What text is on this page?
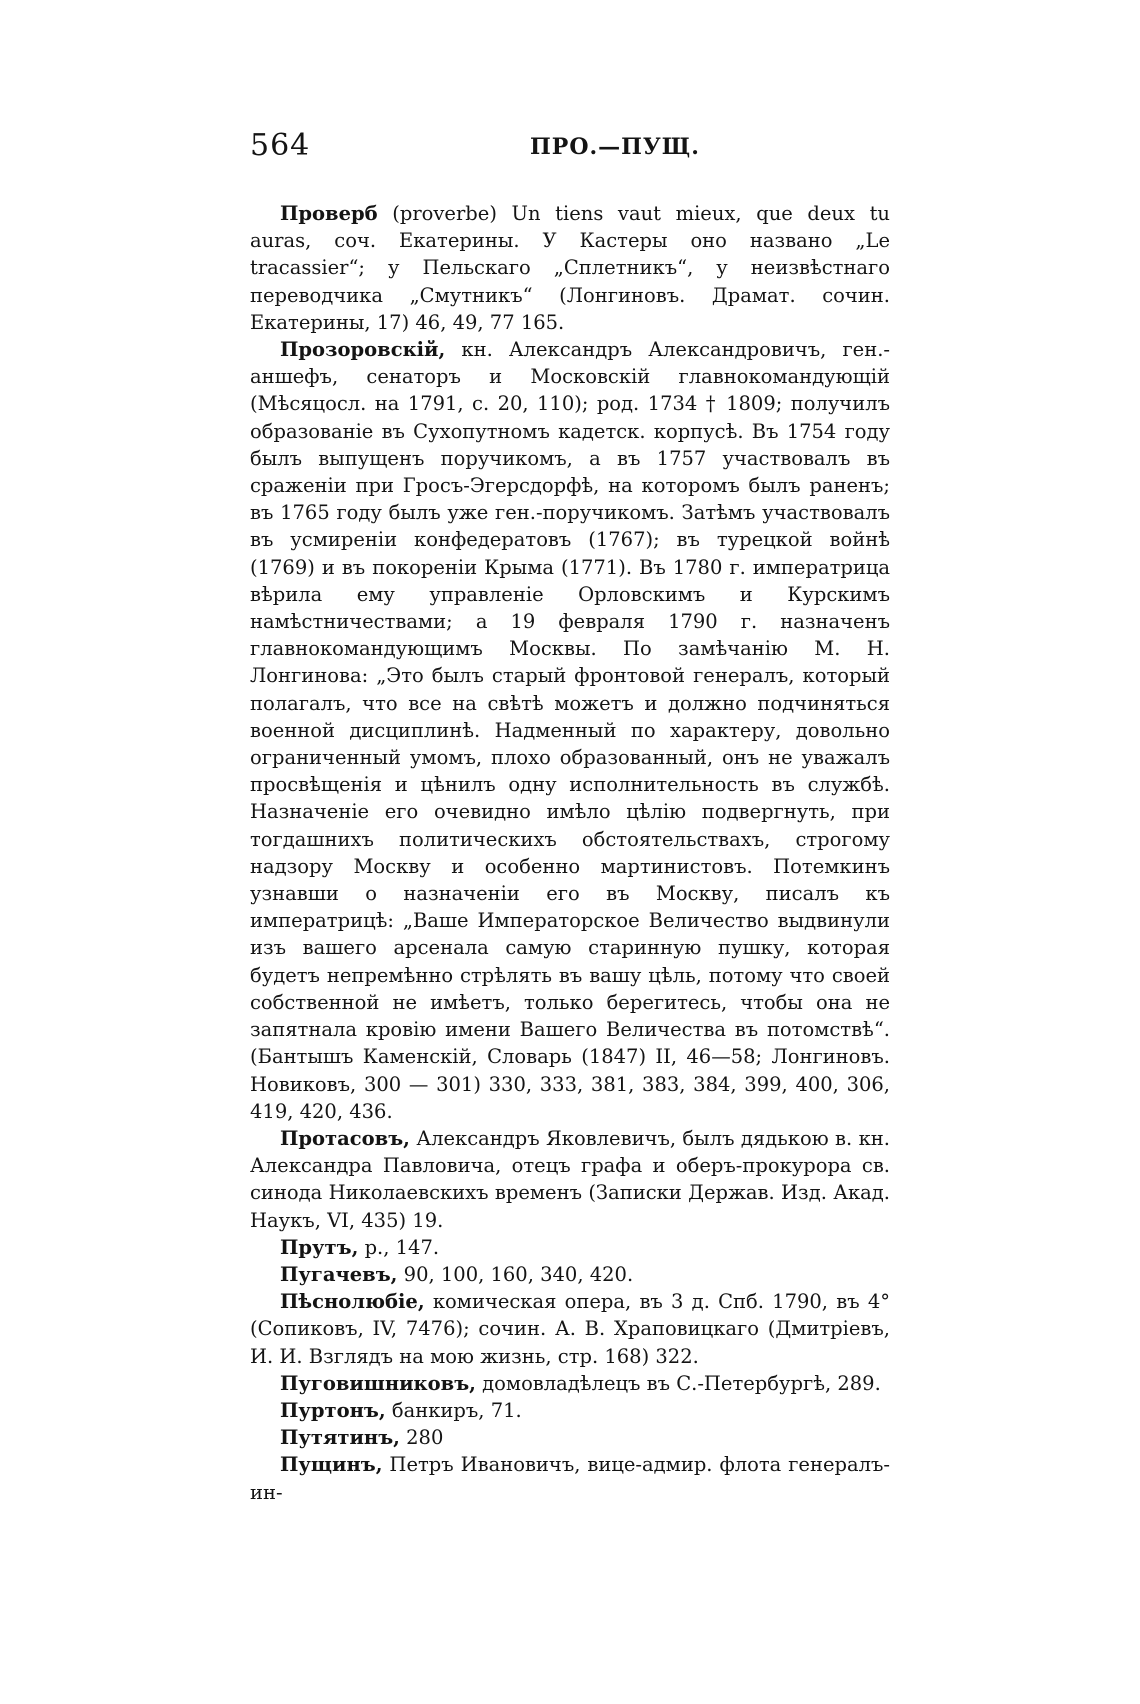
564	ПРО.—ПУЩ.

Проверб (proverbe) Un tiens vaut mieux, que deux tu auras, соч. Екатерины. У Кастеры оно названо „Le tracassier“; у Пельскаго „Сплетникъ“, у неизвѣстнаго переводчика „Смутникъ“ (Лонгиновъ. Драмат. сочин. Екатерины, 17) 46, 49, 77 165.

Прозоровскій, кн. Александръ Александровичъ, ген.-аншефъ, сенаторъ и Московскій главнокомандующій (Мѣсяцосл. на 1791, с. 20, 110); род. 1734 † 1809; получилъ образованіе въ Сухопутномъ кадетск. корпусѣ. Въ 1754 году былъ выпущенъ поручикомъ, а въ 1757 участвовалъ въ сраженіи при Гросъ-Эгерсдорфѣ, на которомъ былъ раненъ; въ 1765 году былъ уже ген.-поручикомъ. Затѣмъ участвовалъ въ усмиреніи конфедератовъ (1767); въ турецкой войнѣ (1769) и въ покореніи Крыма (1771). Въ 1780 г. императрица вѣрила ему управленіе Орловскимъ и Курскимъ намѣстничествами; а 19 февраля 1790 г. назначенъ главнокомандующимъ Москвы. По замѣчанію М. Н. Лонгинова: „Это былъ старый фронтовой генералъ, который полагалъ, что все на свѣтѣ можетъ и должно подчиняться военной дисциплинѣ. Надменный по характеру, довольно ограниченный умомъ, плохо образованный, онъ не уважалъ просвѣщенія и цѣнилъ одну исполнительность въ службѣ. Назначеніе его очевидно имѣло цѣлію подвергнуть, при тогдашнихъ политическихъ обстоятельствахъ, строгому надзору Москву и особенно мартинистовъ. Потемкинъ узнавши о назначеніи его въ Москву, писалъ къ императрицѣ: „Ваше Императорское Величество выдвинули изъ вашего арсенала самую старинную пушку, которая будетъ непремѣнно стрѣлять въ вашу цѣль, потому что своей собственной не имѣетъ, только берегитесь, чтобы она не запятнала кровію имени Вашего Величества въ потомствѣ“. (Бантышъ Каменскій, Словарь (1847) II, 46—58; Лонгиновъ. Новиковъ, 300 — 301) 330, 333, 381, 383, 384, 399, 400, 306, 419, 420, 436.

Протасовъ, Александръ Яковлевичъ, былъ дядькою в. кн. Александра Павловича, отецъ графа и оберъ-прокурора св. синода Николаевскихъ временъ (Записки Держав. Изд. Акад. Наукъ, VI, 435) 19.

Прутъ, р., 147.

Пугачевъ, 90, 100, 160, 340, 420.

Пѣснолюбіе, комическая опера, въ 3 д. Спб. 1790, въ 4° (Сопиковъ, IV, 7476); сочин. А. В. Храповицкаго (Дмитріевъ, И. И. Взглядъ на мою жизнь, стр. 168) 322.

Пуговишниковъ, домовладѣлецъ въ С.-Петербургѣ, 289.

Пуртонъ, банкиръ, 71.

Путятинъ, 280

Пущинъ, Петръ Ивановичъ, вице-адмир. флота генералъ-ин-
